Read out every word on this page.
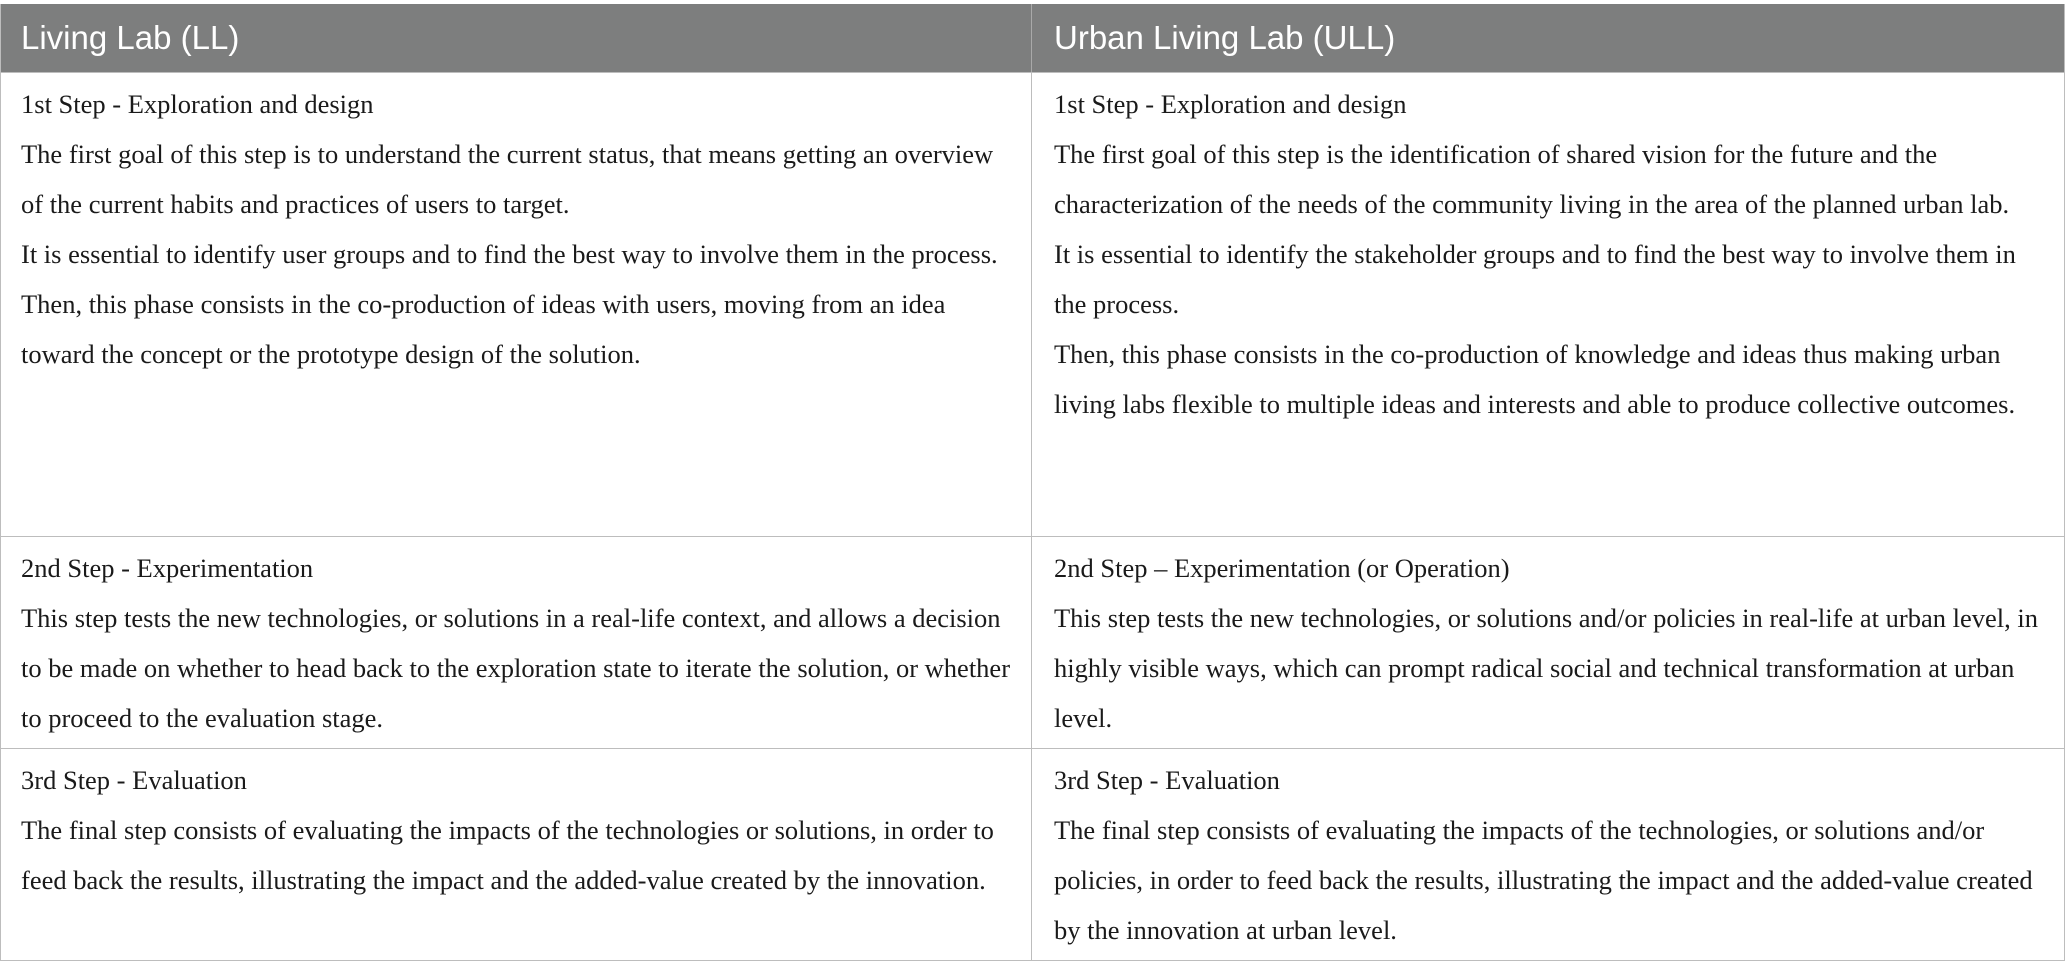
Living Lab (LL)	Urban Living Lab (ULL)

1st Step - Exploration and design

The first goal of this step is to understand the current status, that means getting an overview of the current habits and practices of users to target.

It is essential to identify user groups and to find the best way to involve them in the process.

Then, this phase consists in the co-production of ideas with users, moving from an idea toward the concept or the prototype design of the solution.

1st Step - Exploration and design

The first goal of this step is the identification of shared vision for the future and the characterization of the needs of the community living in the area of the planned urban lab.

It is essential to identify the stakeholder groups and to find the best way to involve them in the process.

Then, this phase consists in the co-production of knowledge and ideas thus making urban living labs flexible to multiple ideas and interests and able to produce collective outcomes.

2nd Step - Experimentation

This step tests the new technologies, or solutions in a real-life context, and allows a decision to be made on whether to head back to the exploration state to iterate the solution, or whether to proceed to the evaluation stage.

2nd Step – Experimentation (or Operation)

This step tests the new technologies, or solutions and/or policies in real-life at urban level, in highly visible ways, which can prompt radical social and technical transformation at urban level.

3rd Step - Evaluation

The final step consists of evaluating the impacts of the technologies or solutions, in order to feed back the results, illustrating the impact and the added-value created by the innovation.

3rd Step - Evaluation

The final step consists of evaluating the impacts of the technologies, or solutions and/or policies, in order to feed back the results, illustrating the impact and the added-value created by the innovation at urban level.
